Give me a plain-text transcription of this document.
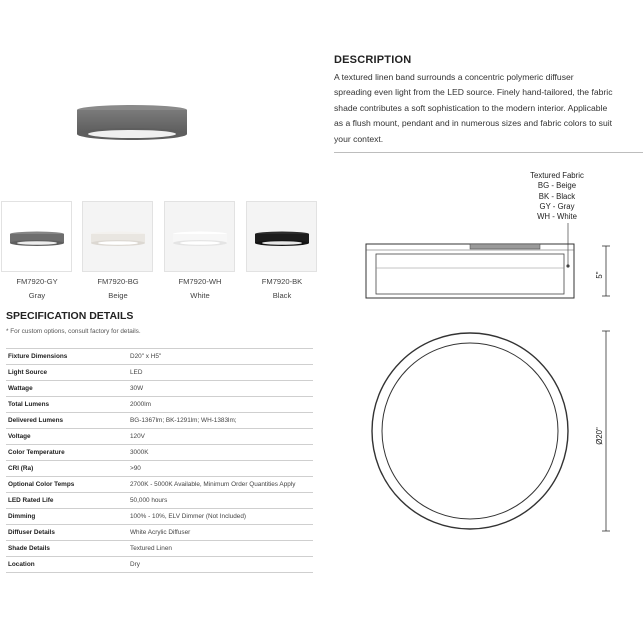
DESCRIPTION
A textured linen band surrounds a concentric polymeric diffuser
spreading even light from the LED source. Finely hand-tailored, the fabric
shade contributes a soft sophistication to the modern interior. Applicable
as a flush mount, pendant and in numerous sizes and fabric colors to suit
your context.
FM7920-GY	FM7920-BG	FM7920-WH	FM7920-BK
Gray	Beige	White	Black
SPECIFICATION DETAILS
* For custom options, consult factory for details.
Fixture Dimensions	D20" x H5"
Light Source	LED
Wattage	30W
Total Lumens	2000lm
Delivered Lumens	BG-1367lm; BK-1291lm; WH-1383lm;
Voltage	120V
Color Temperature	3000K
CRI (Ra)	>90
Optional Color Temps	2700K - 5000K Available, Minimum Order Quantities Apply
LED Rated Life	50,000 hours
Dimming	100% - 10%, ELV Dimmer (Not Included)
Diffuser Details	White Acrylic Diffuser
Shade Details	Textured Linen
Location	Dry
Textured Fabric
BG - Beige
BK - Black
GY - Gray
WH - White
5"
Ø20"
